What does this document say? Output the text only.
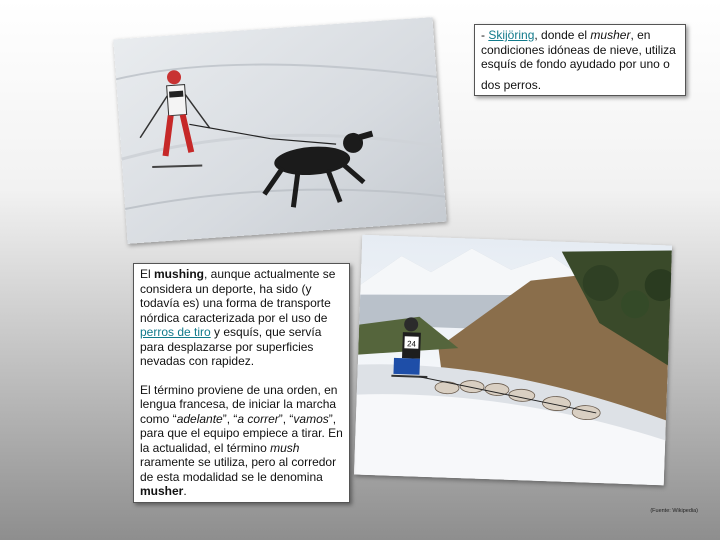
24
- Skijöring, donde el musher, en condiciones idóneas de nieve, utiliza esquís de fondo ayudado por uno o
dos perros.

El mushing, aunque actualmente se considera un deporte, ha sido (y todavía es) una forma de transporte nórdica caracterizada por el uso de perros de tiro y esquís, que servía para desplazarse por superficies nevadas con rapidez.

El término proviene de una orden, en lengua francesa, de iniciar la marcha como “adelante”, “a correr”, “vamos”, para que el equipo empiece a tirar. En la actualidad, el término mush raramente se utiliza, pero al corredor de esta modalidad se le denomina musher.

(Fuente: Wikipedia)
